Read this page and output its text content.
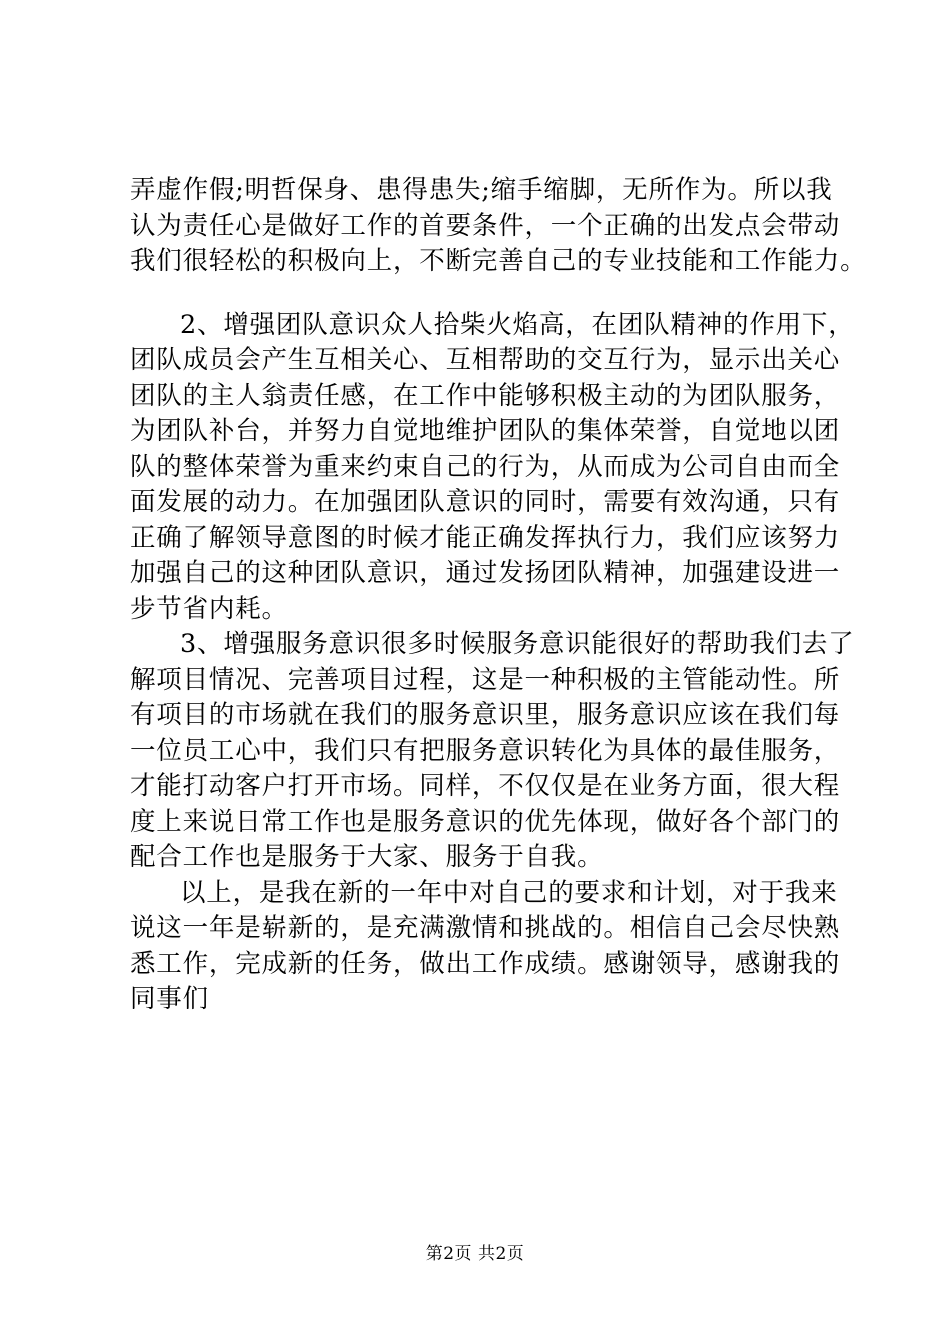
弄虚作假;明哲保身、患得患失;缩手缩脚，无所作为。所以我
认为责任心是做好工作的首要条件，一个正确的出发点会带动
我们很轻松的积极向上，不断完善自己的专业技能和工作能力。
2、增强团队意识众人拾柴火焰高，在团队精神的作用下，
团队成员会产生互相关心、互相帮助的交互行为，显示出关心
团队的主人翁责任感，在工作中能够积极主动的为团队服务，
为团队补台，并努力自觉地维护团队的集体荣誉，自觉地以团
队的整体荣誉为重来约束自己的行为，从而成为公司自由而全
面发展的动力。在加强团队意识的同时，需要有效沟通，只有
正确了解领导意图的时候才能正确发挥执行力，我们应该努力
加强自己的这种团队意识，通过发扬团队精神，加强建设进一
步节省内耗。
3、增强服务意识很多时候服务意识能很好的帮助我们去了
解项目情况、完善项目过程，这是一种积极的主管能动性。所
有项目的市场就在我们的服务意识里，服务意识应该在我们每
一位员工心中，我们只有把服务意识转化为具体的最佳服务，
才能打动客户打开市场。同样，不仅仅是在业务方面，很大程
度上来说日常工作也是服务意识的优先体现，做好各个部门的
配合工作也是服务于大家、服务于自我。
以上，是我在新的一年中对自己的要求和计划，对于我来
说这一年是崭新的，是充满激情和挑战的。相信自己会尽快熟
悉工作，完成新的任务，做出工作成绩。感谢领导，感谢我的
同事们
第2页 共2页
